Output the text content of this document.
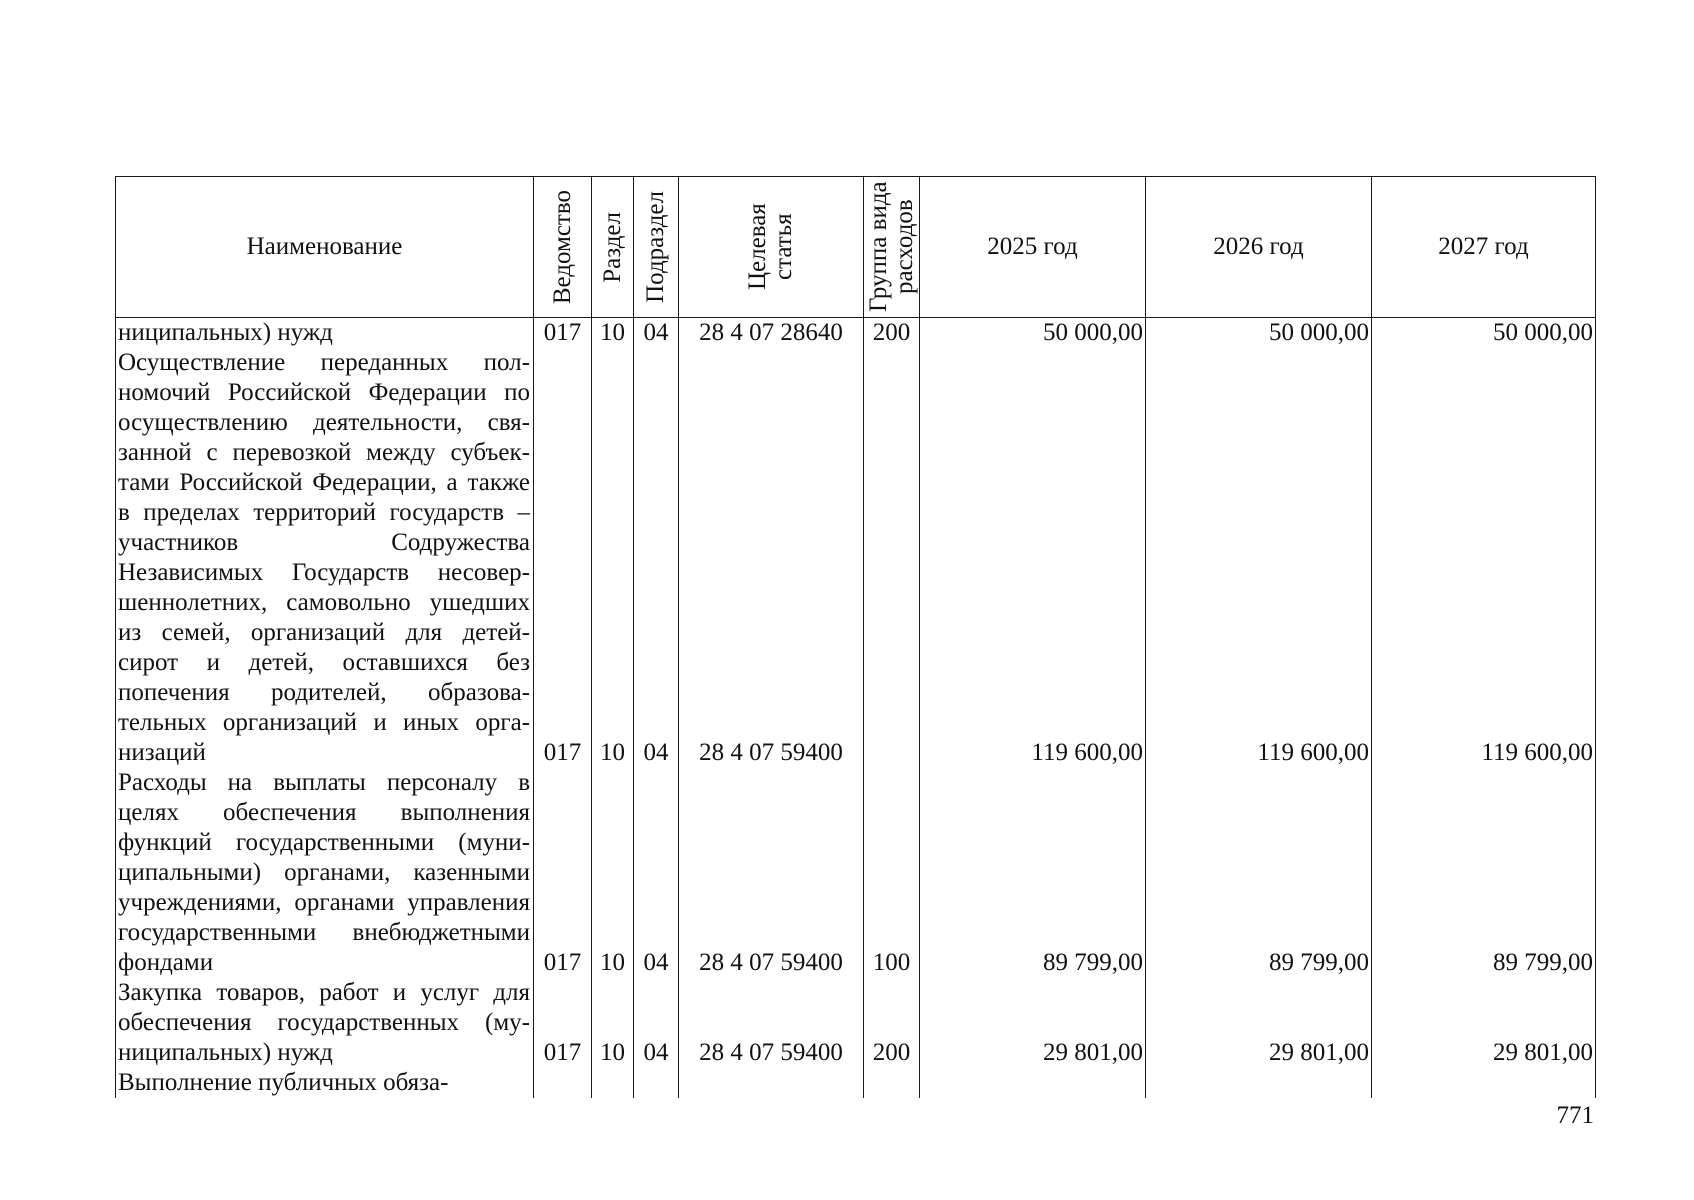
Наименование	Ведомство	Раздел	Подраздел	Целевая статья	Группа вида расходов	2025 год	2026 год	2027 год
ниципальных) нужд	017	10	04	28 4 07 28640	200	50 000,00	50 000,00	50 000,00
Осуществление переданных полномочий Российской Федерации по осуществлению деятельности, связанной с перевозкой между субъектами Российской Федерации, а также в пределах территорий государств – участников Содружества Независимых Государств несовершеннолетних, самовольно ушедших из семей, организаций для детей-сирот и детей, оставшихся без попечения родителей, образовательных организаций и иных организаций	017	10	04	28 4 07 59400		119 600,00	119 600,00	119 600,00
Расходы на выплаты персоналу в целях обеспечения выполнения функций государственными (муниципальными) органами, казенными учреждениями, органами управления государственными внебюджетными фондами	017	10	04	28 4 07 59400	100	89 799,00	89 799,00	89 799,00
Закупка товаров, работ и услуг для обеспечения государственных (муниципальных) нужд	017	10	04	28 4 07 59400	200	29 801,00	29 801,00	29 801,00
Выполнение публичных обяза-								
771
